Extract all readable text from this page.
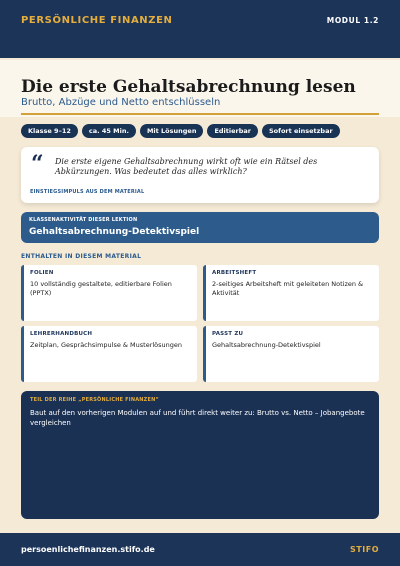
PERSÖNLICHE FINANZEN	MODUL 1.2
Die erste Gehaltsabrechnung lesen
Brutto, Abzüge und Netto entschlüsseln
Klasse 9–12	ca. 45 Min.	Mit Lösungen	Editierbar	Sofort einsetzbar
“ Die erste eigene Gehaltsabrechnung wirkt oft wie ein Rätsel des Abkürzungen. Was bedeutet das alles wirklich?

EINSTIEGSIMPULS AUS DEM MATERIAL
KLASSENAKTIVITÄT DIESER LEKTION
Gehaltsabrechnung-Detektivspiel
ENTHALTEN IN DIESEM MATERIAL
FOLIEN

10 vollständig gestaltete, editierbare Folien (PPTX)

ARBEITSHEFT

2-seitiges Arbeitsheft mit geleiteten Notizen & Aktivität

LEHRERHANDBUCH

Zeitplan, Gesprächsimpulse & Musterlösungen

PASST ZU

Gehaltsabrechnung-Detektivspiel

TEIL DER REIHE „PERSÖNLICHE FINANZEN“

Baut auf den vorherigen Modulen auf und führt direkt weiter zu: Brutto vs. Netto – Jobangebote vergleichen

persoenlichefinanzen.stifo.de	STIFO
